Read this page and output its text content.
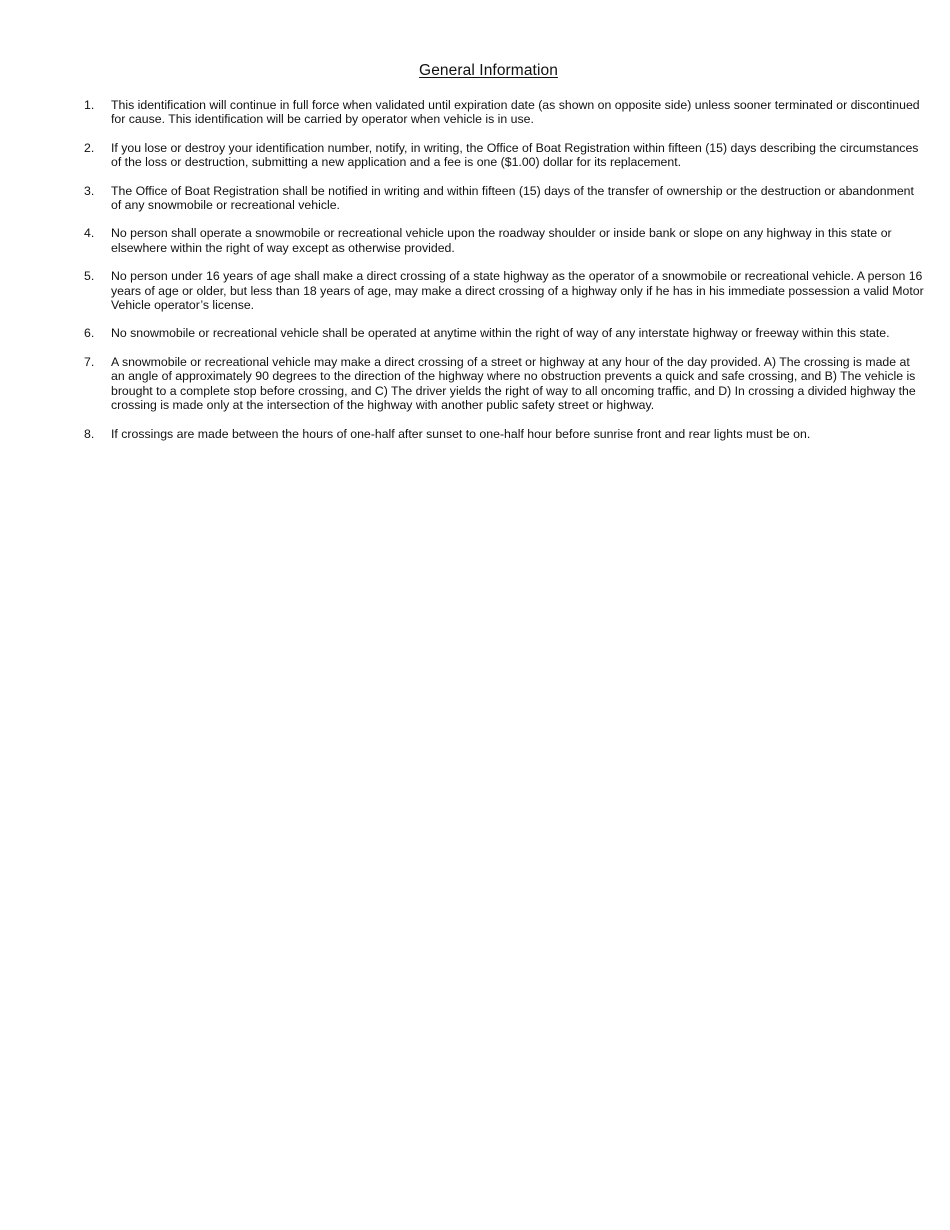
General Information
1.	This identification will continue in full force when validated until expiration date (as shown on opposite side) unless sooner terminated or discontinued for cause. This identification will be carried by operator when vehicle is in use.
2.	If you lose or destroy your identification number, notify, in writing, the Office of Boat Registration within fifteen (15) days describing the circumstances of the loss or destruction, submitting a new application and a fee is one ($1.00) dollar for its replacement.
3.	The Office of Boat Registration shall be notified in writing and within fifteen (15) days of the transfer of ownership or the destruction or abandonment of any snowmobile or recreational vehicle.
4.	No person shall operate a snowmobile or recreational vehicle upon the roadway shoulder or inside bank or slope on any highway in this state or elsewhere within the right of way except as otherwise provided.
5.	No person under 16 years of age shall make a direct crossing of a state highway as the operator of a snowmobile or recreational vehicle. A person 16 years of age or older, but less than 18 years of age, may make a direct crossing of a highway only if he has in his immediate possession a valid Motor Vehicle operator’s license.
6.	No snowmobile or recreational vehicle shall be operated at anytime within the right of way of any interstate highway or freeway within this state.
7.	A snowmobile or recreational vehicle may make a direct crossing of a street or highway at any hour of the day provided. A) The crossing is made at an angle of approximately 90 degrees to the direction of the highway where no obstruction prevents a quick and safe crossing, and B) The vehicle is brought to a complete stop before crossing, and C) The driver yields the right of way to all oncoming traffic, and D) In crossing a divided highway the crossing is made only at the intersection of the highway with another public safety street or highway.
8.	If crossings are made between the hours of one-half after sunset to one-half hour before sunrise front and rear lights must be on.
